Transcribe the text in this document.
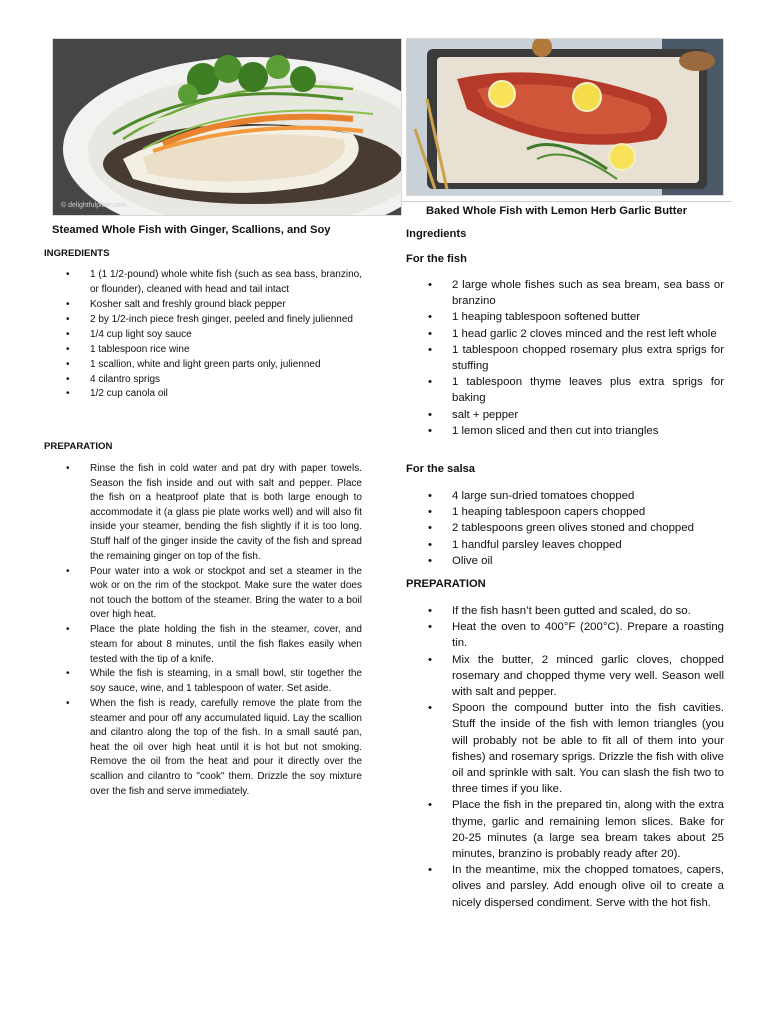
© delightfulplate.com
Steamed Whole Fish with Ginger, Scallions, and Soy
INGREDIENTS
• 1 (1 1/2-pound) whole white fish (such as sea bass, branzino, or flounder), cleaned with head and tail intact
• Kosher salt and freshly ground black pepper
• 2 by 1/2-inch piece fresh ginger, peeled and finely julienned
• 1/4 cup light soy sauce
• 1 tablespoon rice wine
• 1 scallion, white and light green parts only, julienned
• 4 cilantro sprigs
• 1/2 cup canola oil
PREPARATION
• Rinse the fish in cold water and pat dry with paper towels. Season the fish inside and out with salt and pepper. Place the fish on a heatproof plate that is both large enough to accommodate it (a glass pie plate works well) and will also fit inside your steamer, bending the fish slightly if it is too long. Stuff half of the ginger inside the cavity of the fish and spread the remaining ginger on top of the fish.
• Pour water into a wok or stockpot and set a steamer in the wok or on the rim of the stockpot. Make sure the water does not touch the bottom of the steamer. Bring the water to a boil over high heat.
• Place the plate holding the fish in the steamer, cover, and steam for about 8 minutes, until the fish flakes easily when tested with the tip of a knife.
• While the fish is steaming, in a small bowl, stir together the soy sauce, wine, and 1 tablespoon of water. Set aside.
• When the fish is ready, carefully remove the plate from the steamer and pour off any accumulated liquid. Lay the scallion and cilantro along the top of the fish. In a small sauté pan, heat the oil over high heat until it is hot but not smoking. Remove the oil from the heat and pour it directly over the scallion and cilantro to "cook" them. Drizzle the soy mixture over the fish and serve immediately.
Baked Whole Fish with Lemon Herb Garlic Butter
Ingredients
For the fish
• 2 large whole fishes such as sea bream, sea bass or branzino
• 1 heaping tablespoon softened butter
• 1 head garlic 2 cloves minced and the rest left whole
• 1 tablespoon chopped rosemary plus extra sprigs for stuffing
• 1 tablespoon thyme leaves plus extra sprigs for baking
• salt + pepper
• 1 lemon sliced and then cut into triangles
For the salsa
• 4 large sun-dried tomatoes chopped
• 1 heaping tablespoon capers chopped
• 2 tablespoons green olives stoned and chopped
• 1 handful parsley leaves chopped
• Olive oil
PREPARATION
• If the fish hasn’t been gutted and scaled, do so.
• Heat the oven to 400°F (200°C). Prepare a roasting tin.
• Mix the butter, 2 minced garlic cloves, chopped rosemary and chopped thyme very well. Season well with salt and pepper.
• Spoon the compound butter into the fish cavities. Stuff the inside of the fish with lemon triangles (you will probably not be able to fit all of them into your fishes) and rosemary sprigs. Drizzle the fish with olive oil and sprinkle with salt. You can slash the fish two to three times if you like.
• Place the fish in the prepared tin, along with the extra thyme, garlic and remaining lemon slices. Bake for 20-25 minutes (a large sea bream takes about 25 minutes, branzino is probably ready after 20).
• In the meantime, mix the chopped tomatoes, capers, olives and parsley. Add enough olive oil to create a nicely dispersed condiment. Serve with the hot fish.
